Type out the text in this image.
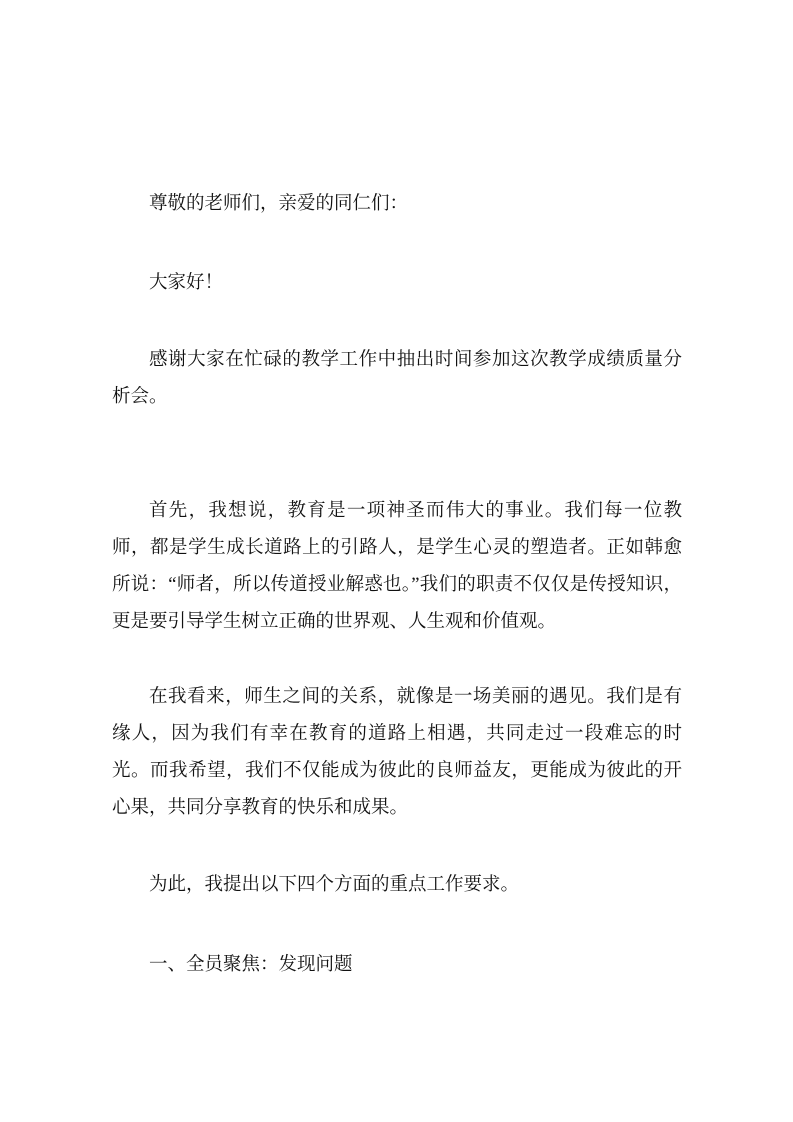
尊敬的老师们，亲爱的同仁们：

大家好！

感谢大家在忙碌的教学工作中抽出时间参加这次教学成绩质量分析会。

首先，我想说，教育是一项神圣而伟大的事业。我们每一位教师，都是学生成长道路上的引路人，是学生心灵的塑造者。正如韩愈所说：“师者，所以传道授业解惑也。”我们的职责不仅仅是传授知识，更是要引导学生树立正确的世界观、人生观和价值观。

在我看来，师生之间的关系，就像是一场美丽的遇见。我们是有缘人，因为我们有幸在教育的道路上相遇，共同走过一段难忘的时光。而我希望，我们不仅能成为彼此的良师益友，更能成为彼此的开心果，共同分享教育的快乐和成果。

为此，我提出以下四个方面的重点工作要求。

一、全员聚焦：发现问题
